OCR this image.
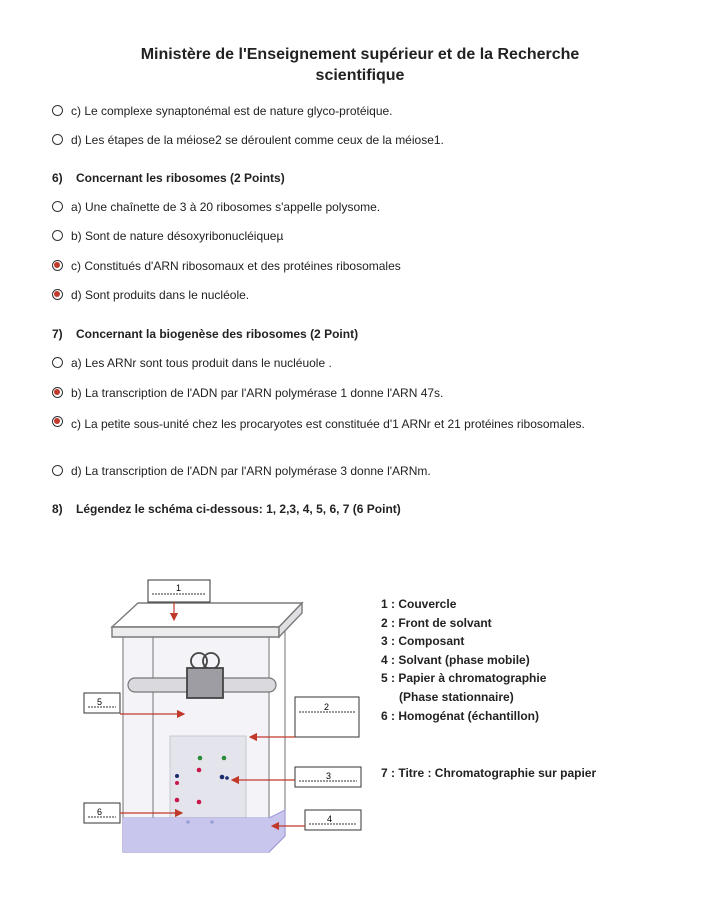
Ministère de l'Enseignement supérieur et de la Recherche
scientifique
c) Le complexe synaptonémal est de nature glyco-protéique.
d) Les étapes de la méiose2 se déroulent comme ceux de la méiose1.
6) Concernant les ribosomes (2 Points)
a) Une chaînette de 3 à 20 ribosomes s'appelle polysome.
b) Sont de nature désoxyribonucléiqueµ
c) Constitués d'ARN ribosomaux et des protéines ribosomales
d) Sont produits dans le nucléole.
7) Concernant la biogenèse des ribosomes (2 Point)
a) Les ARNr sont tous produit dans le nucléuole .
b) La transcription de l'ADN par l'ARN polymérase 1 donne l'ARN 47s.
c) La petite sous-unité chez les procaryotes est constituée d'1 ARNr et 21 protéines ribosomales.
d) La transcription de l'ADN par l'ARN polymérase 3 donne l'ARNm.
8) Légendez le schéma ci-dessous: 1, 2,3, 4, 5, 6, 7 (6 Point)
1
2
3
4
5
6
1 : Couvercle
2 : Front de solvant
3 : Composant
4 : Solvant (phase mobile)
5 : Papier à chromatographie
(Phase stationnaire)
6 : Homogénat (échantillon)
7 : Titre : Chromatographie sur papier
